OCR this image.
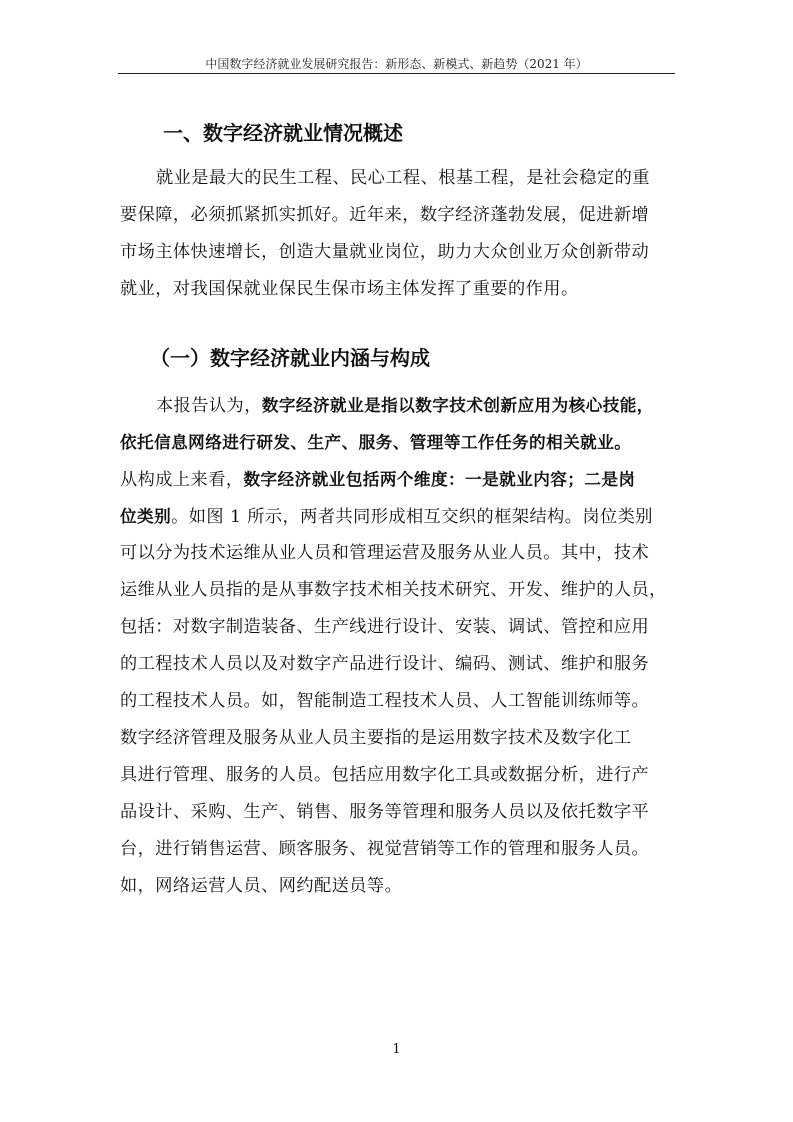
中国数字经济就业发展研究报告：新形态、新模式、新趋势（2021 年）
一、数字经济就业情况概述
就业是最大的民生工程、民心工程、根基工程，是社会稳定的重
要保障，必须抓紧抓实抓好。近年来，数字经济蓬勃发展，促进新增
市场主体快速增长，创造大量就业岗位，助力大众创业万众创新带动
就业，对我国保就业保民生保市场主体发挥了重要的作用。
（一）数字经济就业内涵与构成
本报告认为，数字经济就业是指以数字技术创新应用为核心技能，
依托信息网络进行研发、生产、服务、管理等工作任务的相关就业。
从构成上来看，数字经济就业包括两个维度：一是就业内容；二是岗
位类别。如图 1 所示，两者共同形成相互交织的框架结构。岗位类别
可以分为技术运维从业人员和管理运营及服务从业人员。其中，技术
运维从业人员指的是从事数字技术相关技术研究、开发、维护的人员，
包括：对数字制造装备、生产线进行设计、安装、调试、管控和应用
的工程技术人员以及对数字产品进行设计、编码、测试、维护和服务
的工程技术人员。如，智能制造工程技术人员、人工智能训练师等。
数字经济管理及服务从业人员主要指的是运用数字技术及数字化工
具进行管理、服务的人员。包括应用数字化工具或数据分析，进行产
品设计、采购、生产、销售、服务等管理和服务人员以及依托数字平
台，进行销售运营、顾客服务、视觉营销等工作的管理和服务人员。
如，网络运营人员、网约配送员等。
1
